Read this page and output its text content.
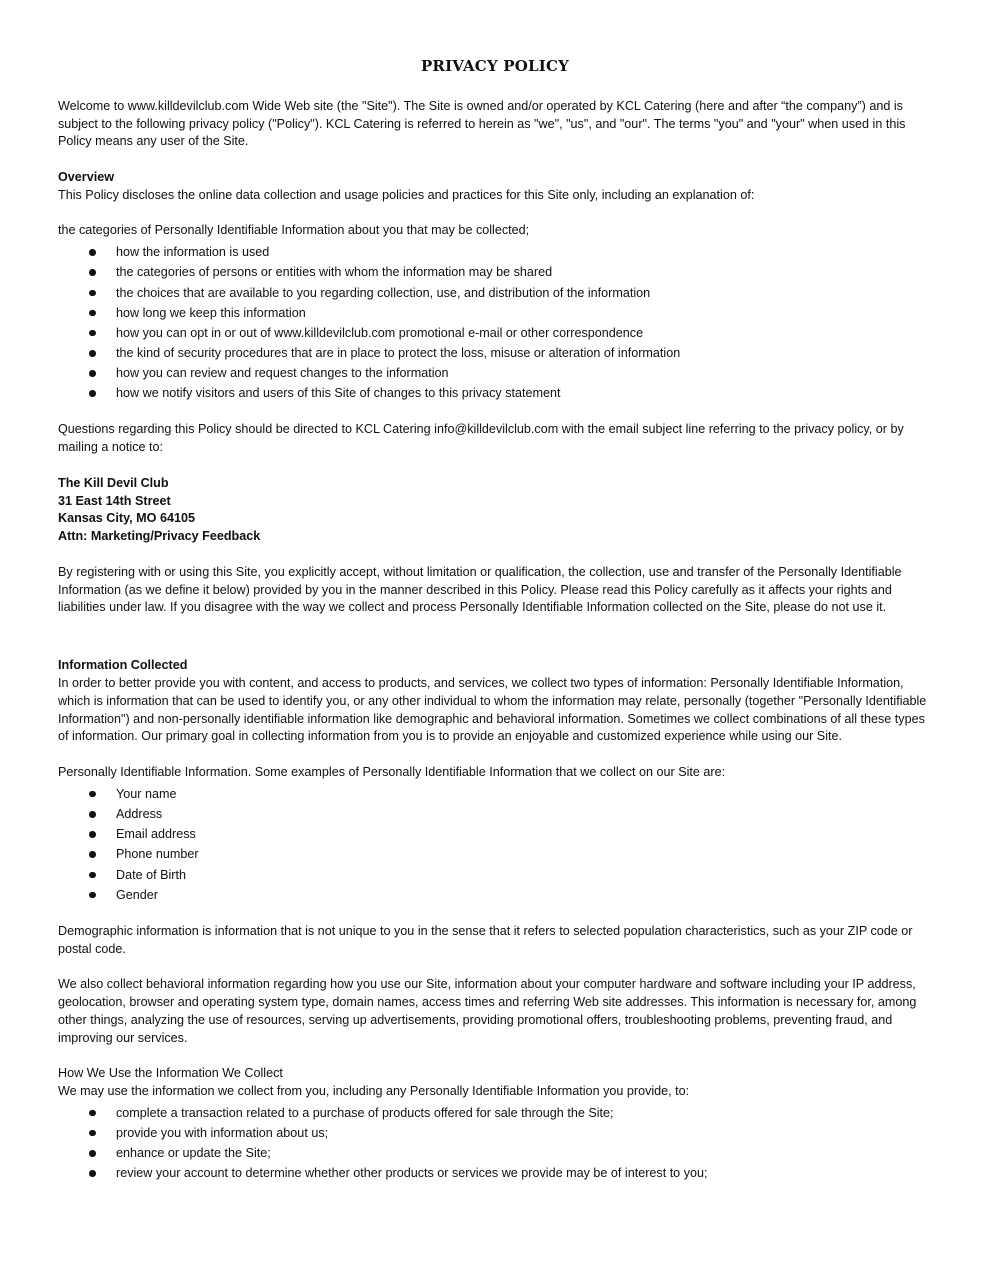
PRIVACY POLICY

Welcome to www.killdevilclub.com Wide Web site (the "Site"). The Site is owned and/or operated by KCL Catering (here and after “the company”) and is subject to the following privacy policy ("Policy"). KCL Catering is referred to herein as "we", "us", and "our". The terms "you" and "your" when used in this Policy means any user of the Site.

Overview

This Policy discloses the online data collection and usage policies and practices for this Site only, including an explanation of:

the categories of Personally Identifiable Information about you that may be collected;

how the information is used
the categories of persons or entities with whom the information may be shared
the choices that are available to you regarding collection, use, and distribution of the information
how long we keep this information
how you can opt in or out of www.killdevilclub.com promotional e-mail or other correspondence
the kind of security procedures that are in place to protect the loss, misuse or alteration of information
how you can review and request changes to the information
how we notify visitors and users of this Site of changes to this privacy statement

Questions regarding this Policy should be directed to KCL Catering info@killdevilclub.com with the email subject line referring to the privacy policy, or by mailing a notice to:

The Kill Devil Club

31 East 14th Street

Kansas City, MO 64105

Attn: Marketing/Privacy Feedback

By registering with or using this Site, you explicitly accept, without limitation or qualification, the collection, use and transfer of the Personally Identifiable Information (as we define it below) provided by you in the manner described in this Policy. Please read this Policy carefully as it affects your rights and liabilities under law. If you disagree with the way we collect and process Personally Identifiable Information collected on the Site, please do not use it.

Information Collected

In order to better provide you with content, and access to products, and services, we collect two types of information: Personally Identifiable Information, which is information that can be used to identify you, or any other individual to whom the information may relate, personally (together "Personally Identifiable Information") and non-personally identifiable information like demographic and behavioral information. Sometimes we collect combinations of all these types of information. Our primary goal in collecting information from you is to provide an enjoyable and customized experience while using our Site.

Personally Identifiable Information. Some examples of Personally Identifiable Information that we collect on our Site are:

Your name
Address
Email address
Phone number
Date of Birth
Gender

Demographic information is information that is not unique to you in the sense that it refers to selected population characteristics, such as your ZIP code or postal code.

We also collect behavioral information regarding how you use our Site, information about your computer hardware and software including your IP address, geolocation, browser and operating system type, domain names, access times and referring Web site addresses. This information is necessary for, among other things, analyzing the use of resources, serving up advertisements, providing promotional offers, troubleshooting problems, preventing fraud, and improving our services.

How We Use the Information We Collect

We may use the information we collect from you, including any Personally Identifiable Information you provide, to:

complete a transaction related to a purchase of products offered for sale through the Site;
provide you with information about us;
enhance or update the Site;
review your account to determine whether other products or services we provide may be of interest to you;
